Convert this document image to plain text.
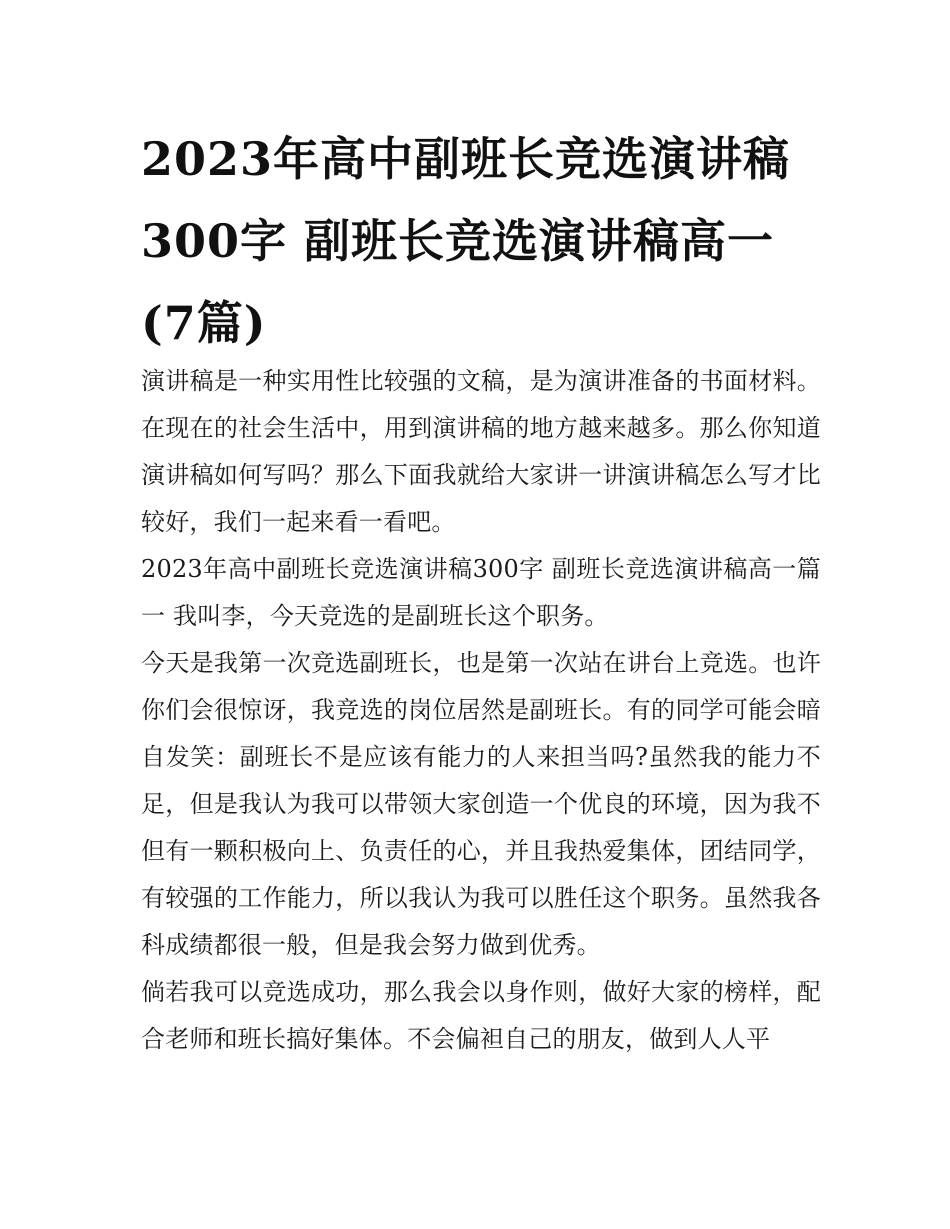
2023年高中副班长竞选演讲稿300字 副班长竞选演讲稿高一(7篇)

演讲稿是一种实用性比较强的文稿，是为演讲准备的书面材料。在现在的社会生活中，用到演讲稿的地方越来越多。那么你知道演讲稿如何写吗？那么下面我就给大家讲一讲演讲稿怎么写才比较好，我们一起来看一看吧。

2023年高中副班长竞选演讲稿300字 副班长竞选演讲稿高一篇一 我叫李，今天竞选的是副班长这个职务。

今天是我第一次竞选副班长，也是第一次站在讲台上竞选。也许你们会很惊讶，我竞选的岗位居然是副班长。有的同学可能会暗自发笑：副班长不是应该有能力的人来担当吗?虽然我的能力不足，但是我认为我可以带领大家创造一个优良的环境，因为我不但有一颗积极向上、负责任的心，并且我热爱集体，团结同学，有较强的工作能力，所以我认为我可以胜任这个职务。虽然我各科成绩都很一般，但是我会努力做到优秀。

倘若我可以竞选成功，那么我会以身作则，做好大家的榜样，配合老师和班长搞好集体。不会偏袒自己的朋友，做到人人平
